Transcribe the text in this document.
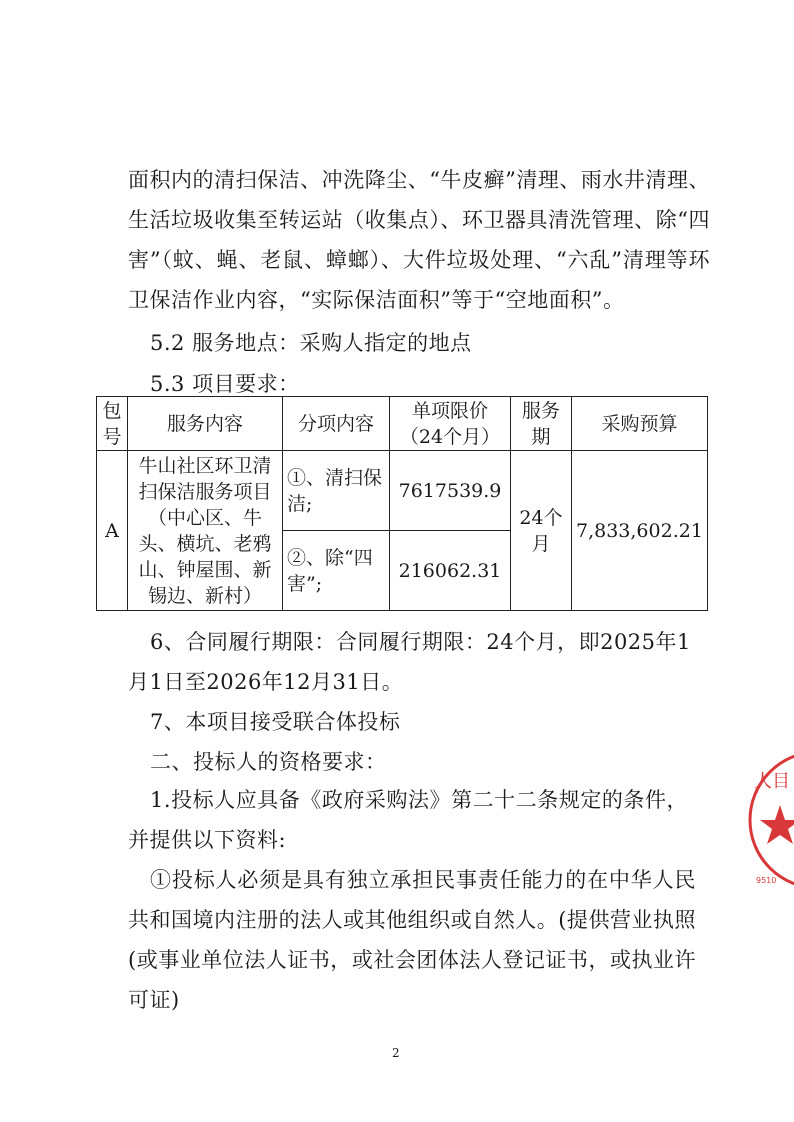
面积内的清扫保洁、冲洗降尘、“牛皮癣”清理、雨水井清理、生活垃圾收集至转运站（收集点）、环卫器具清洗管理、除“四害”（蚊、蝇、老鼠、蟑螂）、大件垃圾处理、“六乱”清理等环卫保洁作业内容，“实际保洁面积”等于“空地面积”。

5.2 服务地点：采购人指定的地点
5.3 项目要求：
包号	服务内容	分项内容	单项限价（24个月）	服务期	采购预算
A	牛山社区环卫清扫保洁服务项目（中心区、牛头、横坑、老鸦山、钟屋围、新锡边、新村）	①、清扫保洁;	7617539.9	24个月	7,833,602.21
		②、除“四害”;	216062.31		
6、合同履行期限：合同履行期限：24个月，即2025年1
月1日至2026年12月31日。
7、本项目接受联合体投标
二、投标人的资格要求：

1.投标人应具备《政府采购法》第二十二条规定的条件，并提供以下资料:

①投标人必须是具有独立承担民事责任能力的在中华人民共和国境内注册的法人或其他组织或自然人。(提供营业执照(或事业单位法人证书，或社会团体法人登记证书，或执业许可证)

人目
9510
2
